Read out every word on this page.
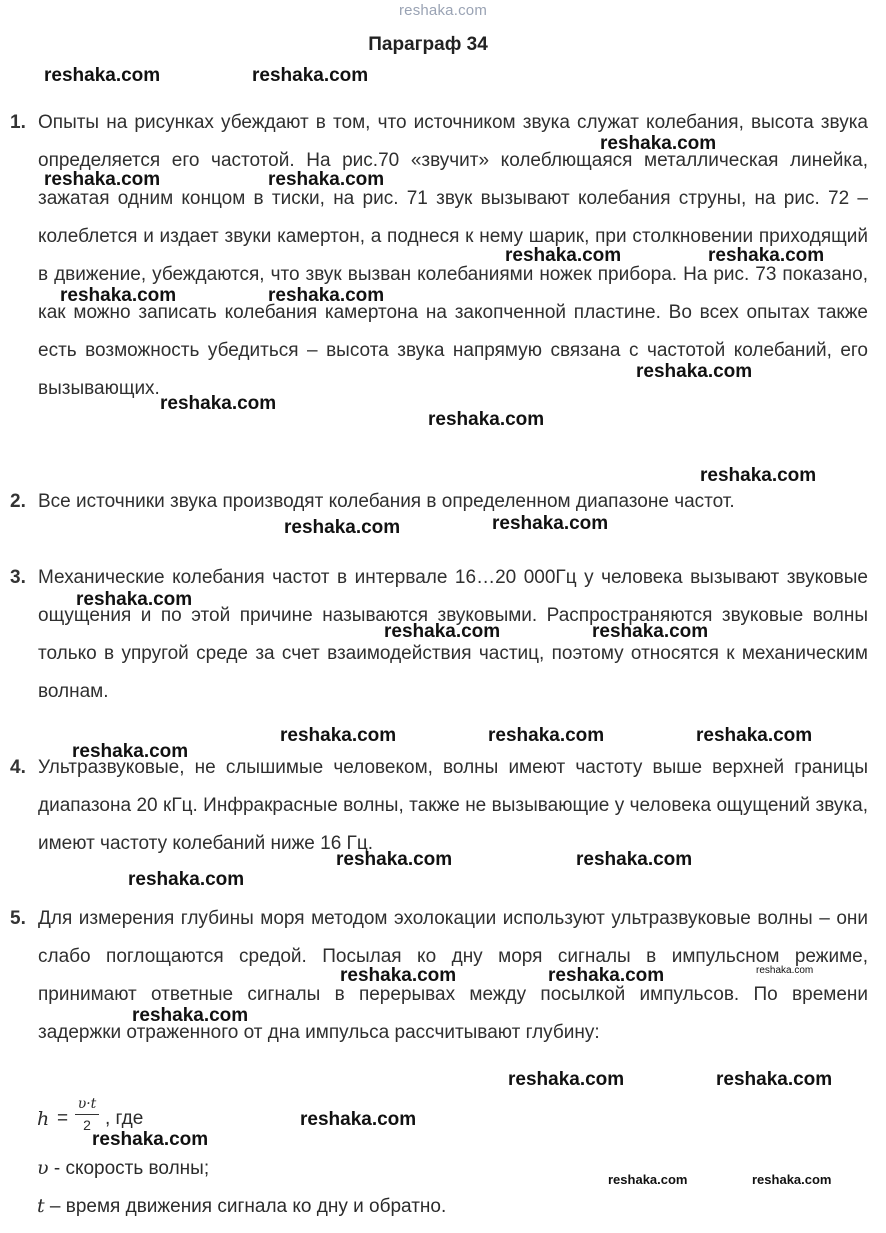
reshaka.com
Параграф 34
1. Опыты на рисунках убеждают в том, что источником звука служат колебания, высота звука определяется его частотой. На рис.70 «звучит» колеблющаяся металлическая линейка, зажатая одним концом в тиски, на рис. 71 звук вызывают колебания струны, на рис. 72 – колеблется и издает звуки камертон, а поднеся к нему шарик, при столкновении приходящий в движение, убеждаются, что звук вызван колебаниями ножек прибора. На рис. 73 показано, как можно записать колебания камертона на закопченной пластине. Во всех опытах также есть возможность убедиться – высота звука напрямую связана с частотой колебаний, его вызывающих.
2. Все источники звука производят колебания в определенном диапазоне частот.
3. Механические колебания частот в интервале 16…20 000Гц у человека вызывают звуковые ощущения и по этой причине называются звуковыми. Распространяются звуковые волны только в упругой среде за счет взаимодействия частиц, поэтому относятся к механическим волнам.
4. Ультразвуковые, не слышимые человеком, волны имеют частоту выше верхней границы диапазона 20 кГц. Инфракрасные волны, также не вызывающие у человека ощущений звука, имеют частоту колебаний ниже 16 Гц.
5. Для измерения глубины моря методом эхолокации используют ультразвуковые волны – они слабо поглощаются средой. Посылая ко дну моря сигналы в импульсном режиме, принимают ответные сигналы в перерывах между посылкой импульсов. По времени задержки отраженного от дна импульса рассчитывают глубину:
h =
υ·t
2 , где
υ - скорость волны;
t – время движения сигнала ко дну и обратно.
reshaka.com	reshaka.com
reshaka.com
reshaka.com	reshaka.com
reshaka.com	reshaka.com
reshaka.com	reshaka.com
reshaka.com
reshaka.com
reshaka.com
reshaka.com
reshaka.com	reshaka.com
reshaka.com
reshaka.com	reshaka.com
reshaka.com	reshaka.com	reshaka.com
reshaka.com
reshaka.com	reshaka.com
reshaka.com
reshaka.com	reshaka.com	reshaka.com
reshaka.com
reshaka.com	reshaka.com
reshaka.com
reshaka.com
reshaka.com	reshaka.com
